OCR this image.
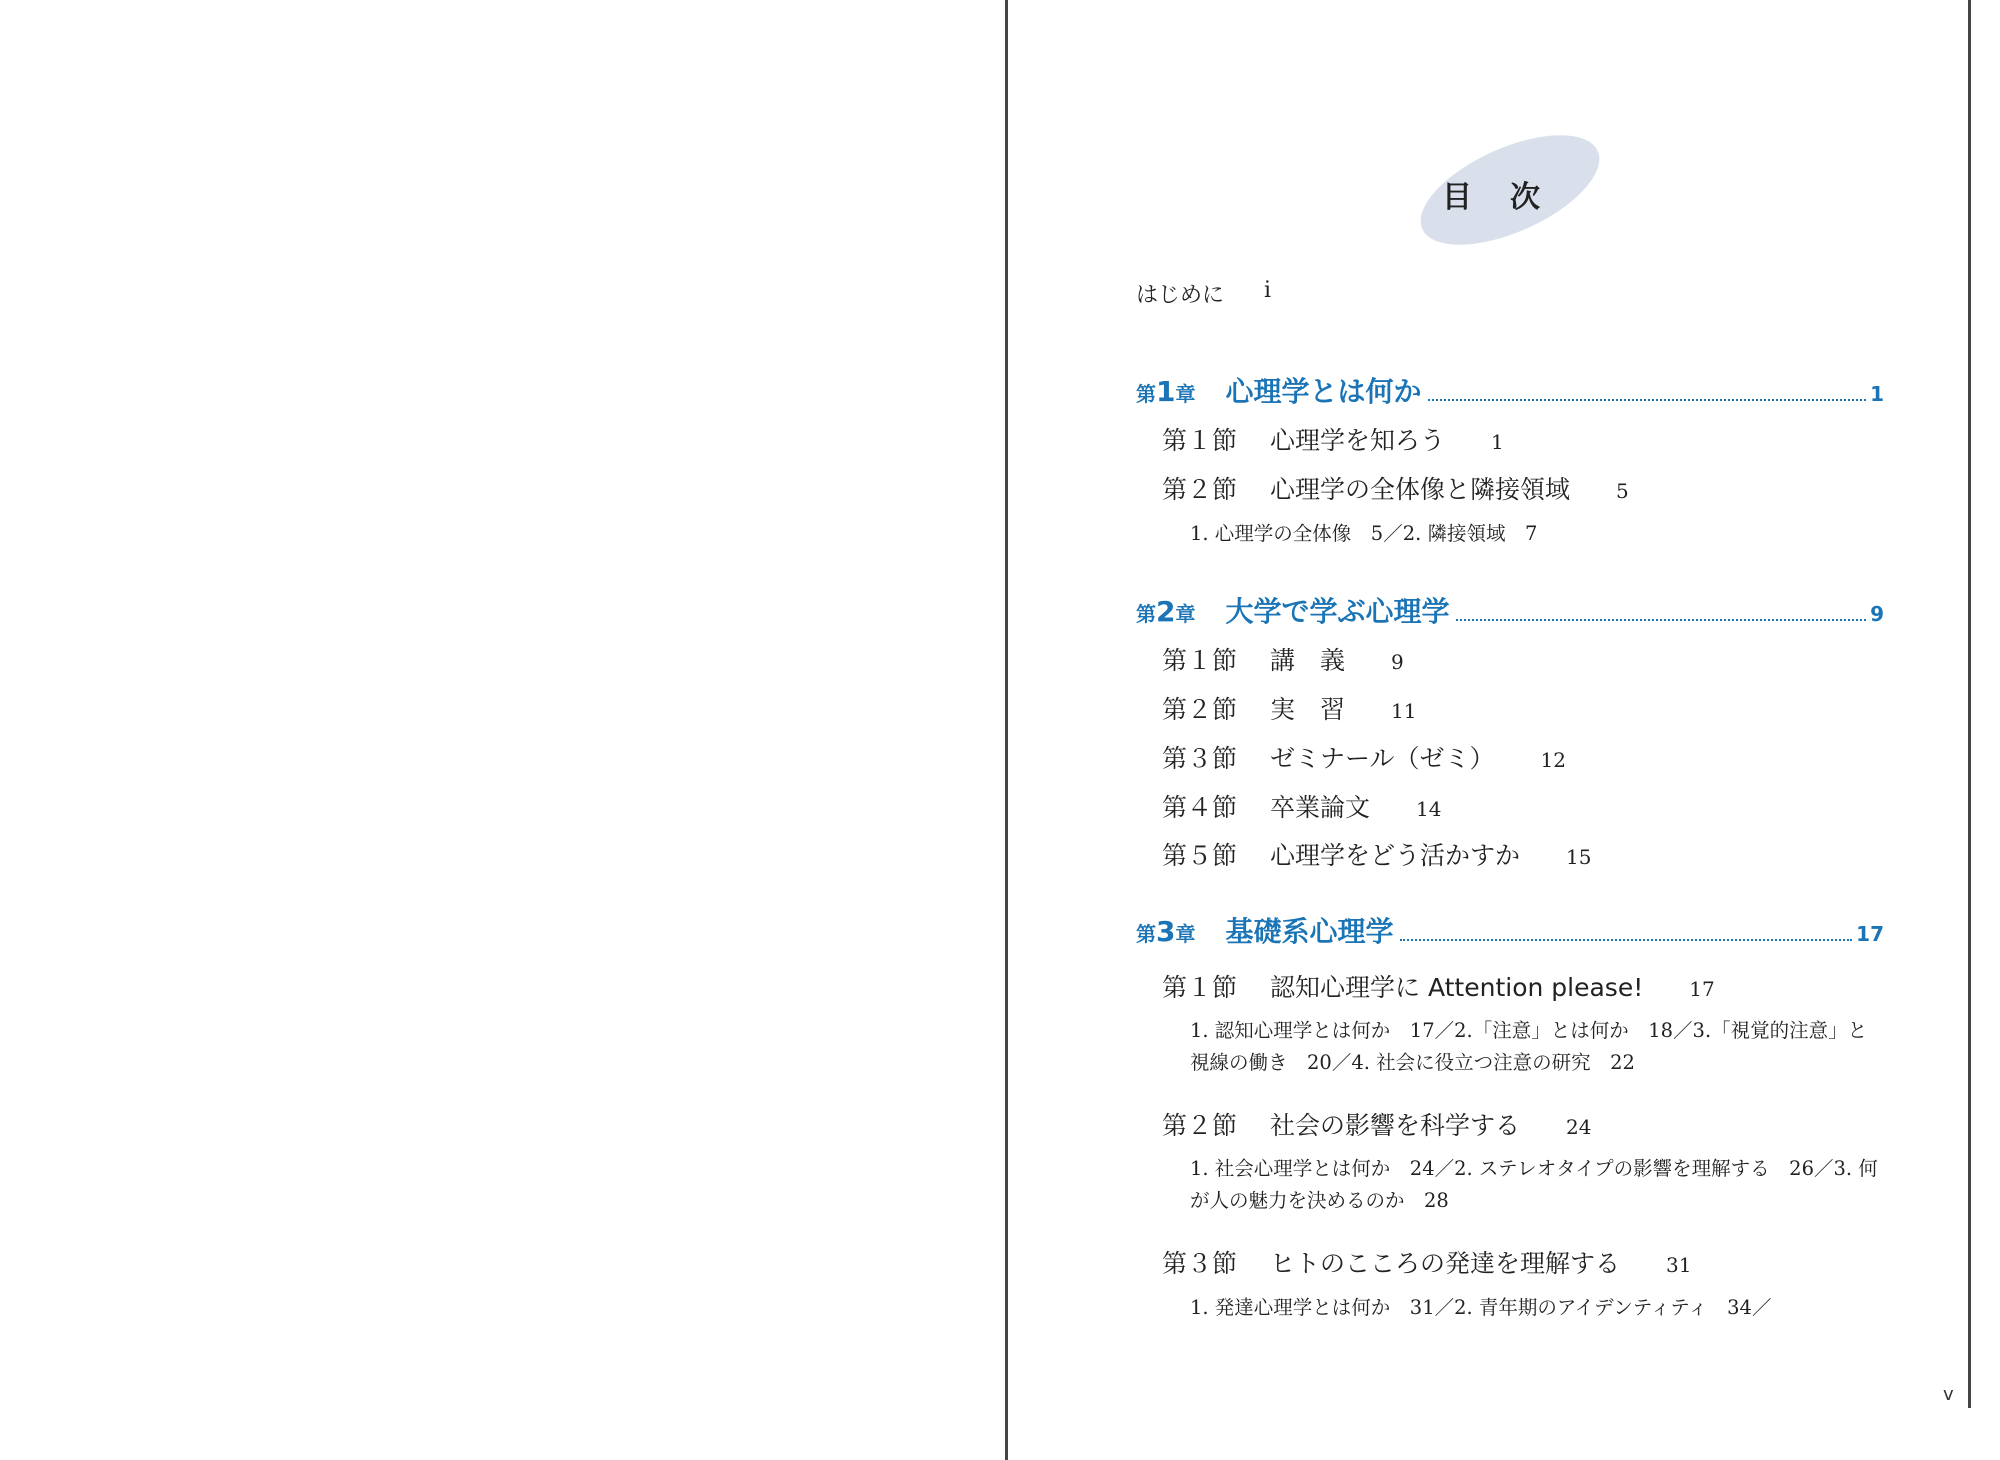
目　次
はじめに i
第1章 心理学とは何か	1
第１節	心理学を知ろう 1
第２節	心理学の全体像と隣接領域 5
1. 心理学の全体像　5／2. 隣接領域　7
第2章 大学で学ぶ心理学	9
第１節	講　義 9
第２節	実　習 11
第３節	ゼミナール（ゼミ） 12
第４節	卒業論文 14
第５節	心理学をどう活かすか 15
第3章 基礎系心理学	17
第１節	認知心理学に Attention please! 17
1. 認知心理学とは何か　17／2.「注意」とは何か　18／3.「視覚的注意」と視線の働き　20／4. 社会に役立つ注意の研究　22
第２節	社会の影響を科学する 24
1. 社会心理学とは何か　24／2. ステレオタイプの影響を理解する　26／3. 何が人の魅力を決めるのか　28
第３節	ヒトのこころの発達を理解する 31
1. 発達心理学とは何か　31／2. 青年期のアイデンティティ　34／
v
